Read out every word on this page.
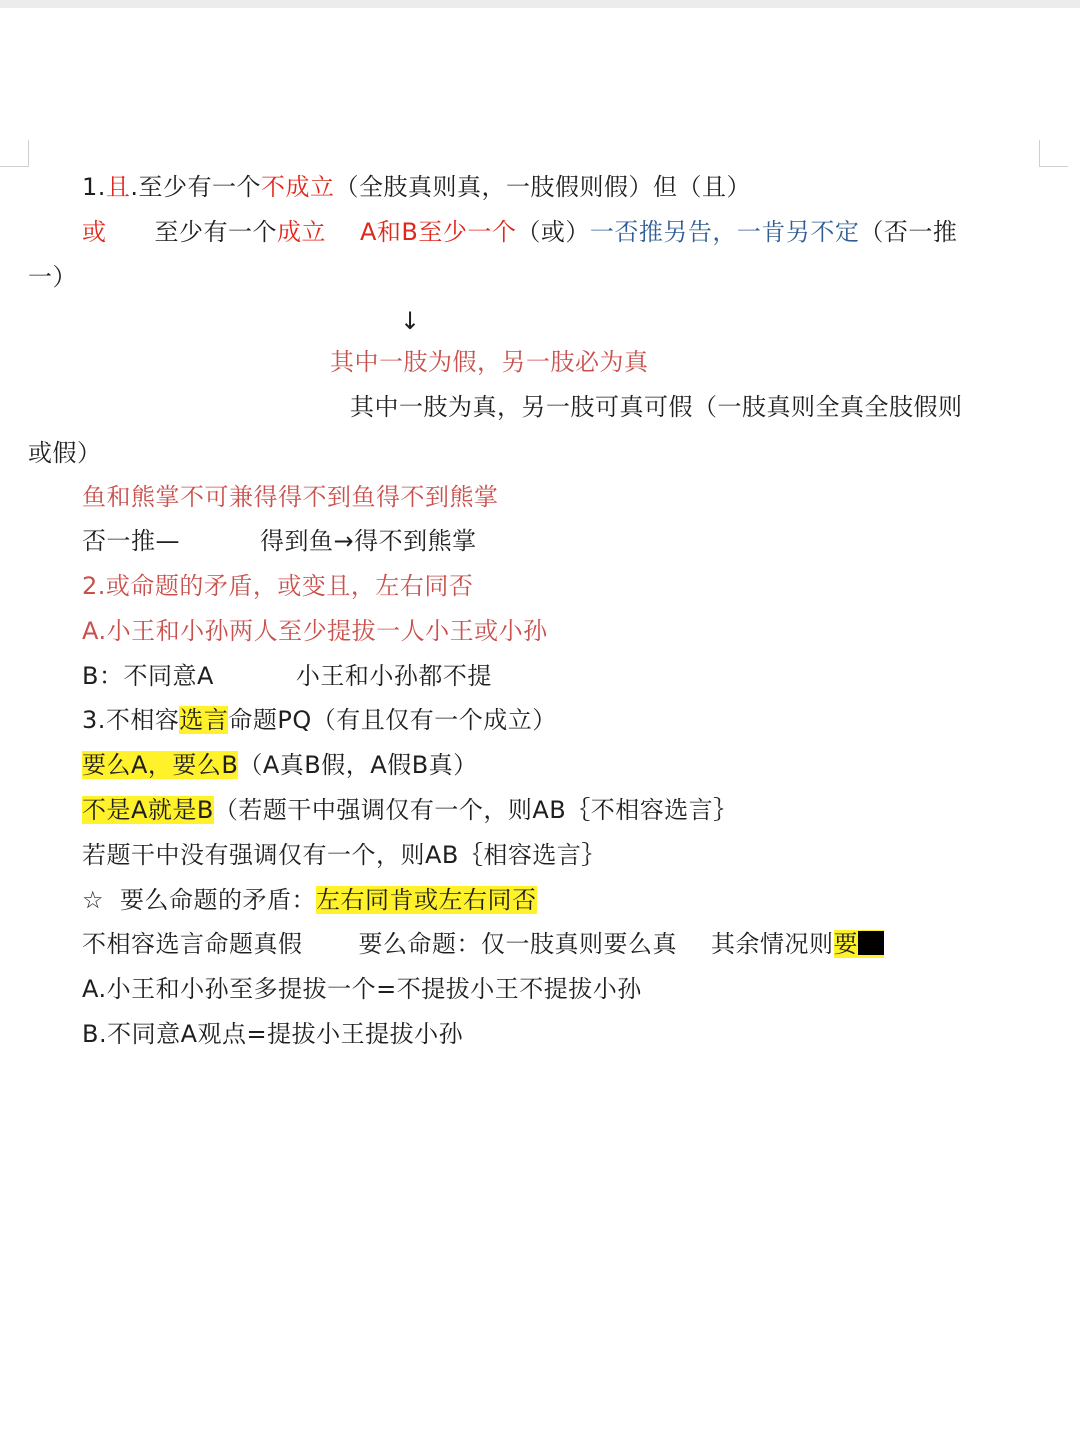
1.且.至少有一个不成立（全肢真则真，一肢假则假）但（且）
或 至少有一个成立 A和B至少一个（或）一否推另告，一肯另不定（否一推
一）
↓
其中一肢为假，另一肢必为真
其中一肢为真，另一肢可真可假（一肢真则全真全肢假则
或假）
鱼和熊掌不可兼得得不到鱼得不到熊掌
否一推—	得到鱼→得不到熊掌
2.或命题的矛盾，或变且，左右同否
A.小王和小孙两人至少提拔一人小王或小孙
B：不同意A	小王和小孙都不提
3.不相容选言命题PQ（有且仅有一个成立）
要么A，要么B（A真B假，A假B真）
不是A就是B（若题干中强调仅有一个，则AB｛不相容选言｝
若题干中没有强调仅有一个，则AB｛相容选言｝
☆ 要么命题的矛盾：左右同肯或左右同否
不相容选言命题真假 要么命题：仅一肢真则要么真 其余情况则要
A.小王和小孙至多提拔一个=不提拔小王不提拔小孙
B.不同意A观点=提拔小王提拔小孙
